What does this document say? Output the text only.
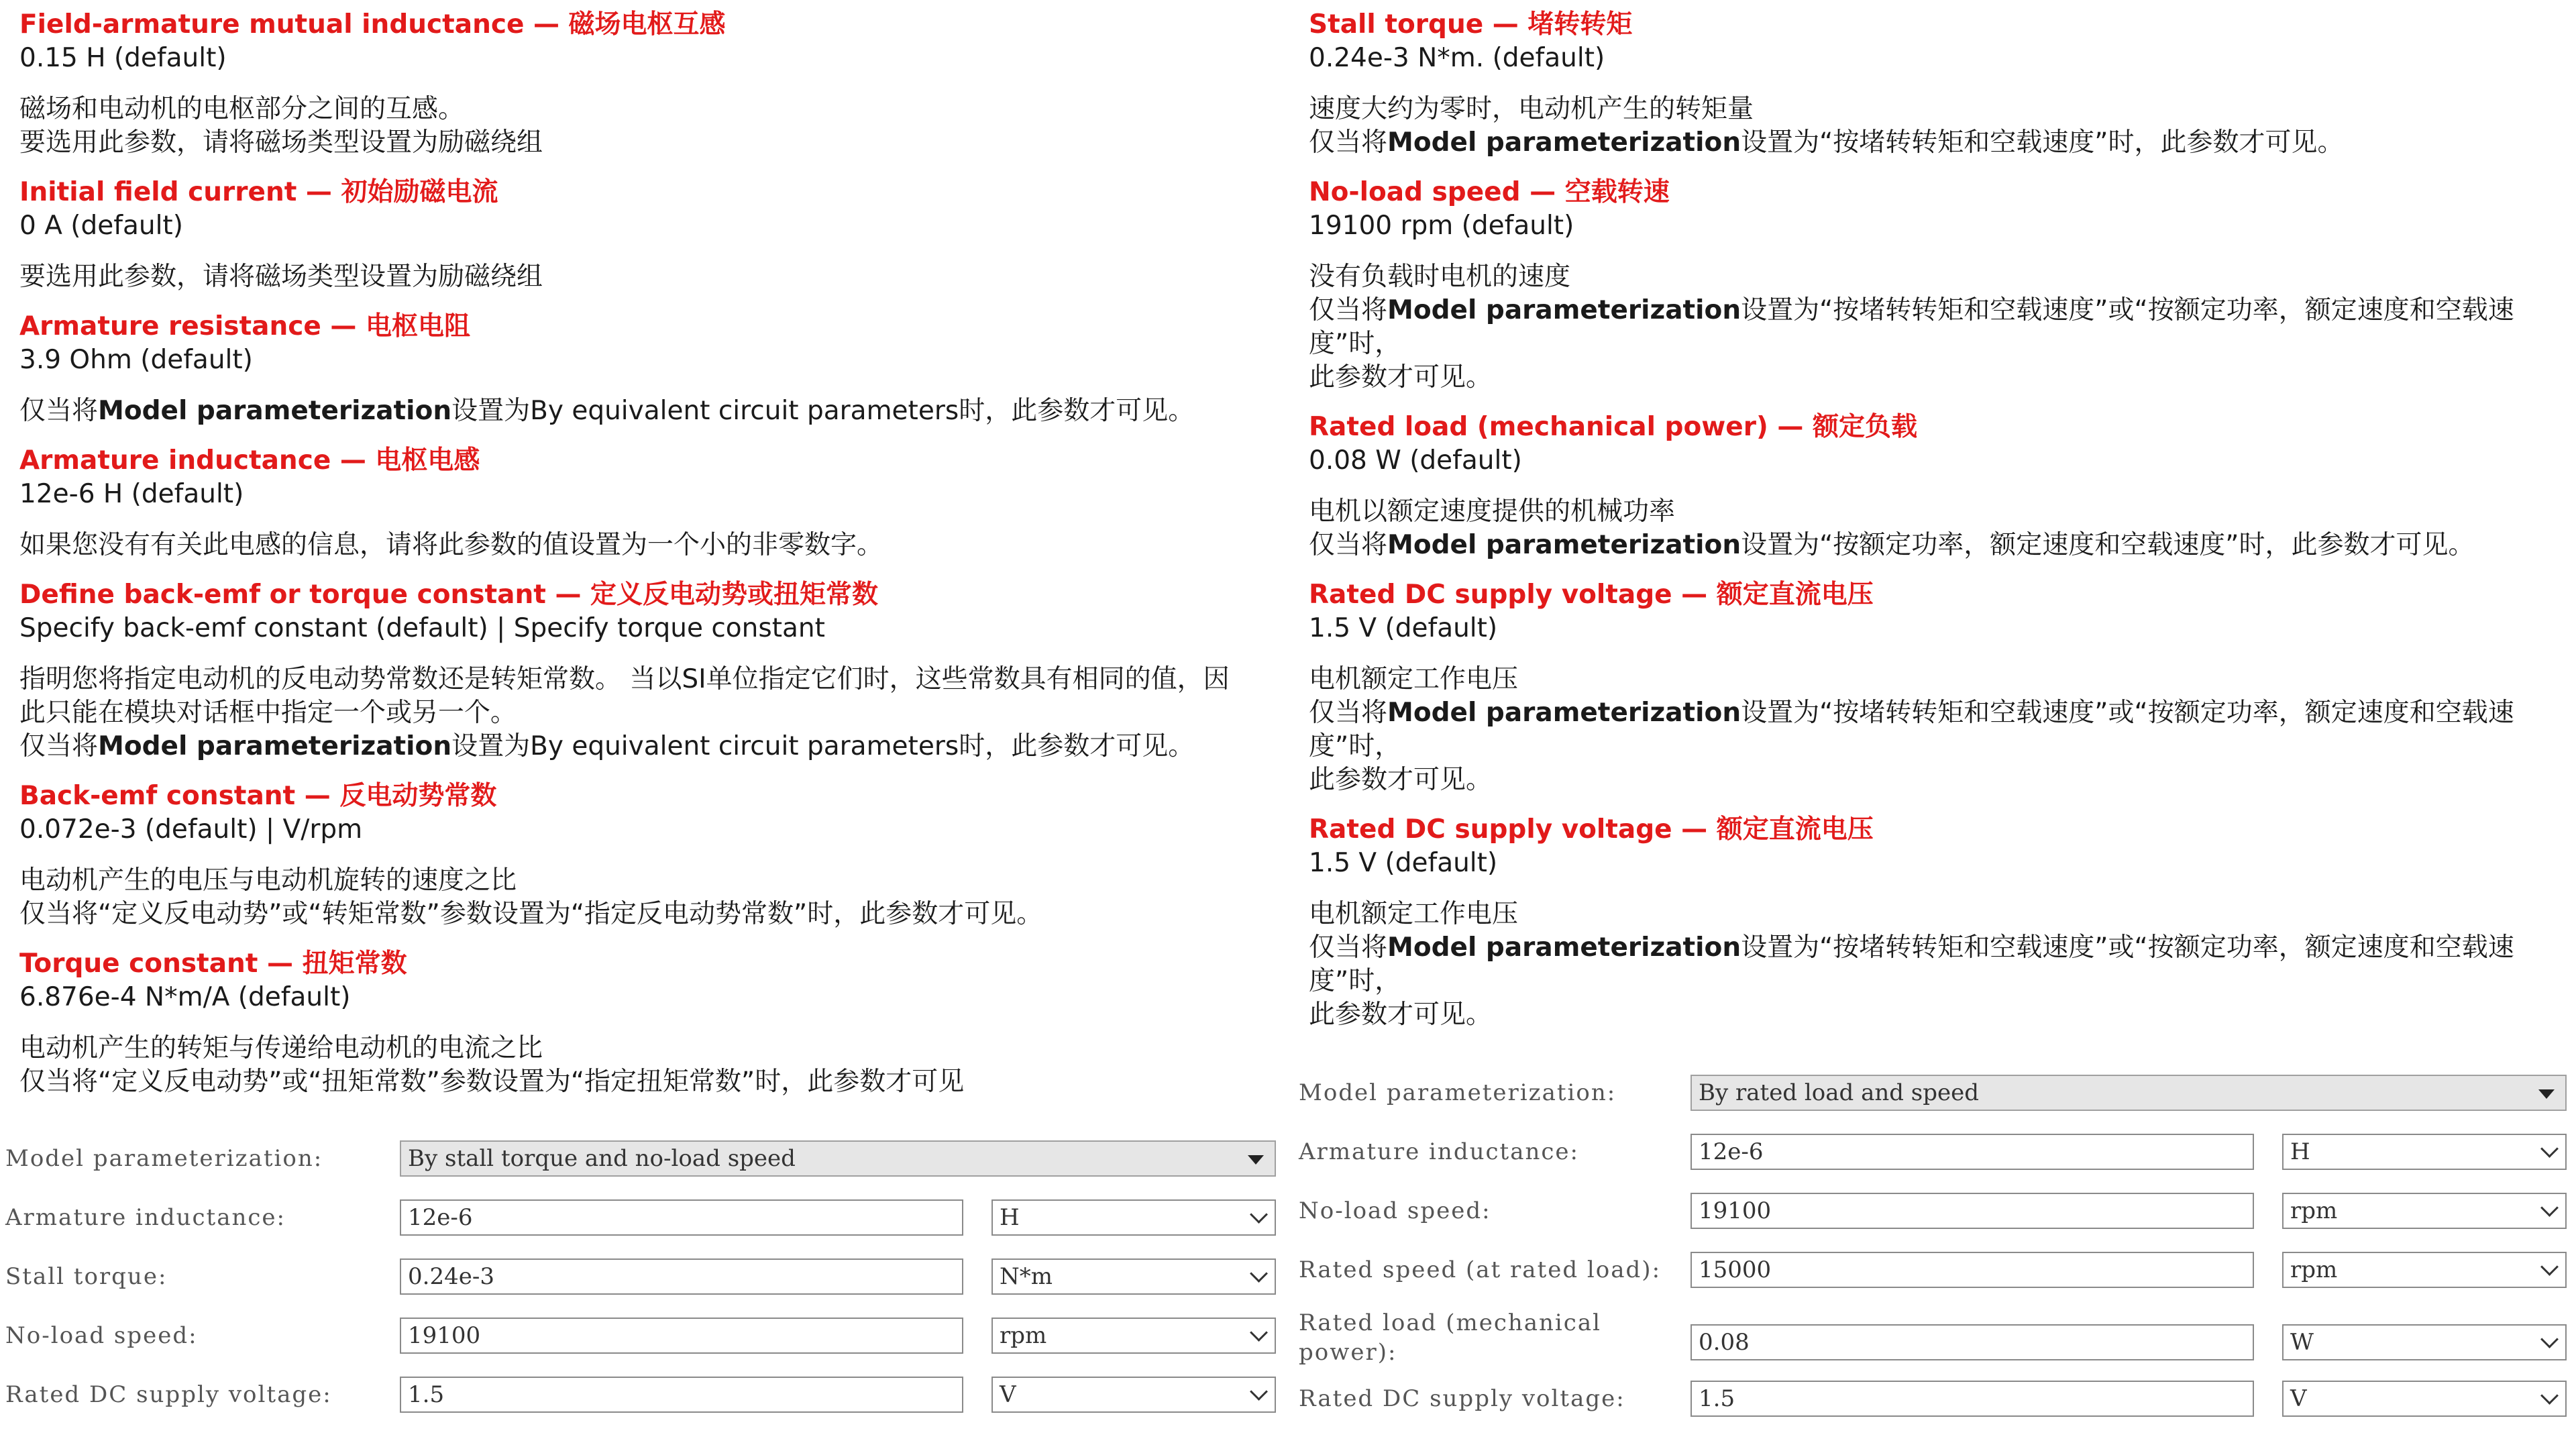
Field-armature mutual inductance — 磁场电枢互感
0.15 H (default)
磁场和电动机的电枢部分之间的互感。
要选用此参数，请将磁场类型设置为励磁绕组
Initial field current — 初始励磁电流
0 A (default)
要选用此参数，请将磁场类型设置为励磁绕组
Armature resistance — 电枢电阻
3.9 Ohm (default)
仅当将Model parameterization设置为By equivalent circuit parameters时，此参数才可见。
Armature inductance — 电枢电感
12e-6 H (default)
如果您没有有关此电感的信息，请将此参数的值设置为一个小的非零数字。
Define back-emf or torque constant — 定义反电动势或扭矩常数
Specify back-emf constant (default) | Specify torque constant
指明您将指定电动机的反电动势常数还是转矩常数。 当以SI单位指定它们时，这些常数具有相同的值，因
此只能在模块对话框中指定一个或另一个。
仅当将Model parameterization设置为By equivalent circuit parameters时，此参数才可见。
Back-emf constant — 反电动势常数
0.072e-3 (default) | V/rpm
电动机产生的电压与电动机旋转的速度之比
仅当将“定义反电动势”或“转矩常数”参数设置为“指定反电动势常数”时，此参数才可见。
Torque constant — 扭矩常数
6.876e-4 N*m/A (default)
电动机产生的转矩与传递给电动机的电流之比
仅当将“定义反电动势”或“扭矩常数”参数设置为“指定扭矩常数”时，此参数才可见
Stall torque — 堵转转矩
0.24e-3 N*m. (default)
速度大约为零时，电动机产生的转矩量
仅当将Model parameterization设置为“按堵转转矩和空载速度”时，此参数才可见。
No-load speed — 空载转速
19100 rpm (default)
没有负载时电机的速度
仅当将Model parameterization设置为“按堵转转矩和空载速度”或“按额定功率，额定速度和空载速度”时，
此参数才可见。
Rated load (mechanical power) — 额定负载
0.08 W (default)
电机以额定速度提供的机械功率
仅当将Model parameterization设置为“按额定功率，额定速度和空载速度”时，此参数才可见。
Rated DC supply voltage — 额定直流电压
1.5 V (default)
电机额定工作电压
仅当将Model parameterization设置为“按堵转转矩和空载速度”或“按额定功率，额定速度和空载速度”时，
此参数才可见。
Rated DC supply voltage — 额定直流电压
1.5 V (default)
电机额定工作电压
仅当将Model parameterization设置为“按堵转转矩和空载速度”或“按额定功率，额定速度和空载速度”时，
此参数才可见。
Model parameterization:	By stall torque and no-load speed
Armature inductance:	12e-6	H
Stall torque:	0.24e-3	N*m
No-load speed:	19100	rpm
Rated DC supply voltage:	1.5	V
Model parameterization:	By rated load and speed
Armature inductance:	12e-6	H
No-load speed:	19100	rpm
Rated speed (at rated load):	15000	rpm
Rated load (mechanical
power):	0.08	W
Rated DC supply voltage:	1.5	V
